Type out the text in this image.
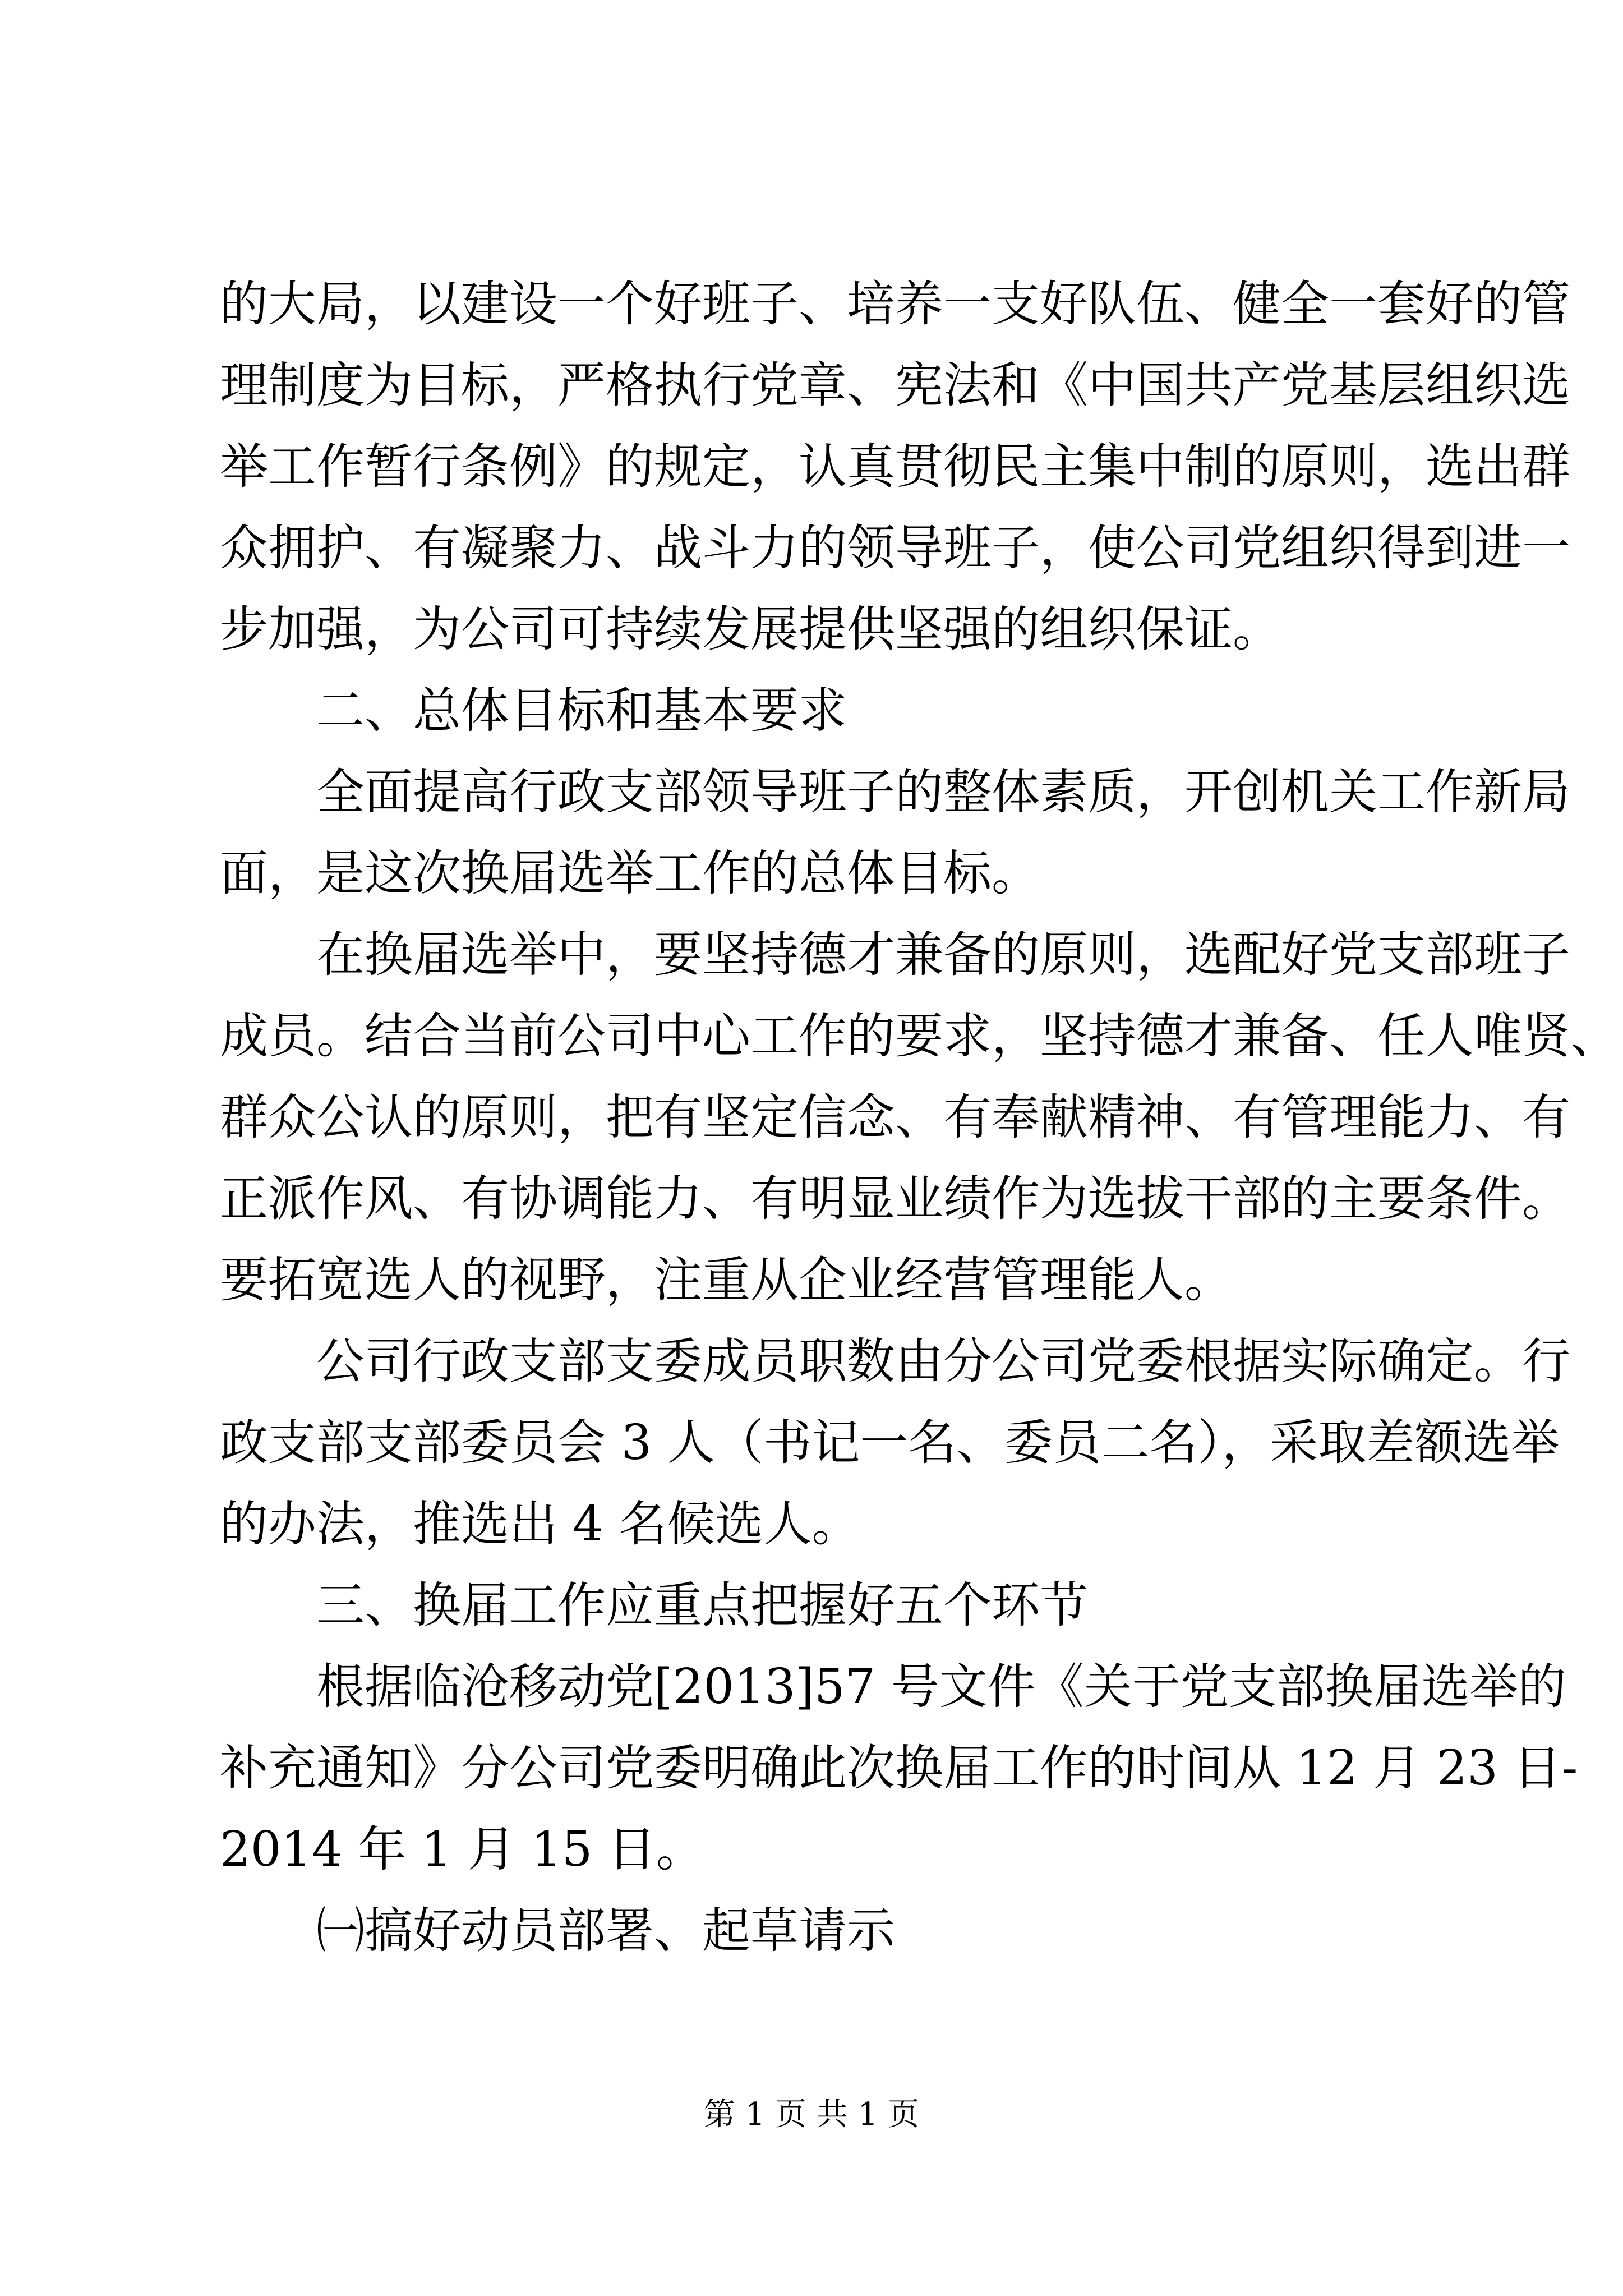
的大局，以建设一个好班子、培养一支好队伍、健全一套好的管
理制度为目标，严格执行党章、宪法和《中国共产党基层组织选
举工作暂行条例》的规定，认真贯彻民主集中制的原则，选出群
众拥护、有凝聚力、战斗力的领导班子，使公司党组织得到进一
步加强，为公司可持续发展提供坚强的组织保证。
二、总体目标和基本要求
全面提高行政支部领导班子的整体素质，开创机关工作新局
面，是这次换届选举工作的总体目标。
在换届选举中，要坚持德才兼备的原则，选配好党支部班子
成员。结合当前公司中心工作的要求，坚持德才兼备、任人唯贤、
群众公认的原则，把有坚定信念、有奉献精神、有管理能力、有
正派作风、有协调能力、有明显业绩作为选拔干部的主要条件。
要拓宽选人的视野，注重从企业经营管理能人。
公司行政支部支委成员职数由分公司党委根据实际确定。行
政支部支部委员会 3 人（书记一名、委员二名），采取差额选举
的办法，推选出 4 名候选人。
三、换届工作应重点把握好五个环节
根据临沧移动党[2013]57 号文件《关于党支部换届选举的
补充通知》分公司党委明确此次换届工作的时间从 12 月 23 日-
2014 年 1 月 15 日。
㈠搞好动员部署、起草请示
第 1 页 共 1 页
